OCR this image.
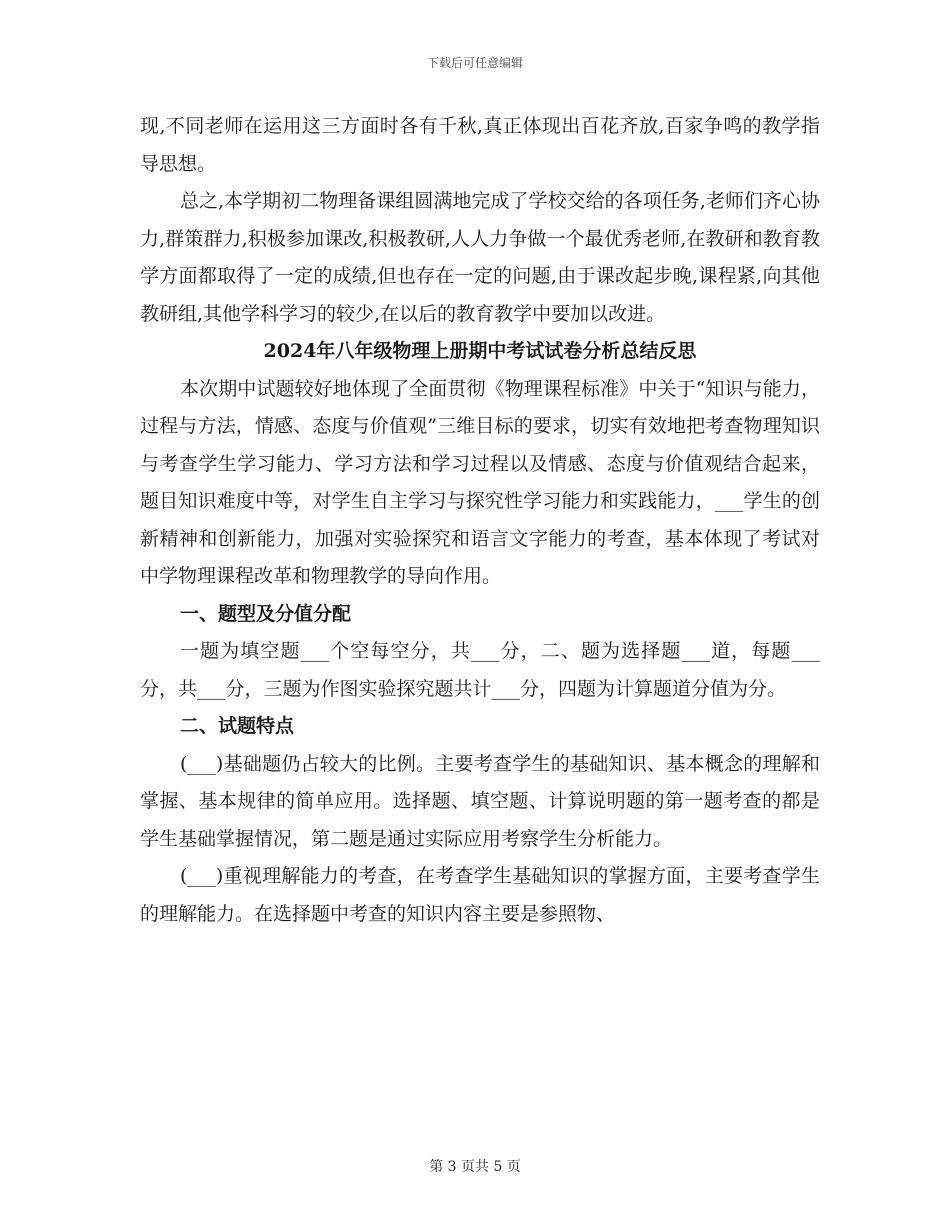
下载后可任意编辑

现,不同老师在运用这三方面时各有千秋,真正体现出百花齐放,百家争鸣的教学指导思想。

总之,本学期初二物理备课组圆满地完成了学校交给的各项任务,老师们齐心协力,群策群力,积极参加课改,积极教研,人人力争做一个最优秀老师,在教研和教育教学方面都取得了一定的成绩,但也存在一定的问题,由于课改起步晚,课程紧,向其他教研组,其他学科学习的较少,在以后的教育教学中要加以改进。

2024年八年级物理上册期中考试试卷分析总结反思

本次期中试题较好地体现了全面贯彻《物理课程标准》中关于“知识与能力，过程与方法，情感、态度与价值观”三维目标的要求，切实有效地把考查物理知识与考查学生学习能力、学习方法和学习过程以及情感、态度与价值观结合起来，题目知识难度中等，对学生自主学习与探究性学习能力和实践能力，___学生的创新精神和创新能力，加强对实验探究和语言文字能力的考查，基本体现了考试对中学物理课程改革和物理教学的导向作用。

一、题型及分值分配

一题为填空题___个空每空分，共___分，二、题为选择题___道，每题___分，共___分，三题为作图实验探究题共计___分，四题为计算题道分值为分。

二、试题特点

(___)基础题仍占较大的比例。主要考查学生的基础知识、基本概念的理解和掌握、基本规律的简单应用。选择题、填空题、计算说明题的第一题考查的都是学生基础掌握情况，第二题是通过实际应用考察学生分析能力。

(___)重视理解能力的考查，在考查学生基础知识的掌握方面，主要考查学生的理解能力。在选择题中考查的知识内容主要是参照物、

第 3 页共 5 页
